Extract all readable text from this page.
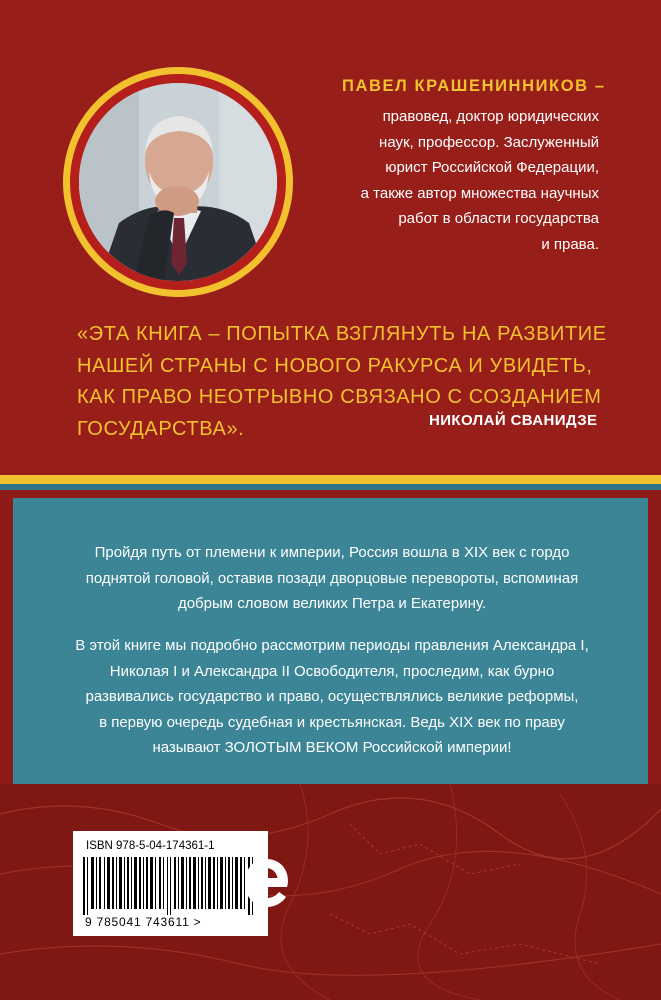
ПАВЕЛ КРАШЕНИННИКОВ –
правовед, доктор юридических
наук, профессор. Заслуженный
юрист Российской Федерации,
а также автор множества научных
работ в области государства
и права.
«ЭТА КНИГА – ПОПЫТКА ВЗГЛЯНУТЬ НА РАЗВИТИЕ
НАШЕЙ СТРАНЫ С НОВОГО РАКУРСА И УВИДЕТЬ,
КАК ПРАВО НЕОТРЫВНО СВЯЗАНО С СОЗДАНИЕМ
ГОСУДАРСТВА».	НИКОЛАЙ СВАНИДЗЕ
Пройдя путь от племени к империи, Россия вошла в XIX век с гордо
поднятой головой, оставив позади дворцовые перевороты, вспоминая
добрым словом великих Петра и Екатерину.
В этой книге мы подробно рассмотрим периоды правления Александра I,
Николая I и Александра II Освободителя, проследим, как бурно
развивались государство и право, осуществлялись великие реформы,
в первую очередь судебная и крестьянская. Ведь XIX век по праву
называют ЗОЛОТЫМ ВЕКОМ Российской империи!
ISBN 978-5-04-174361-1
9 785041 743611 >
